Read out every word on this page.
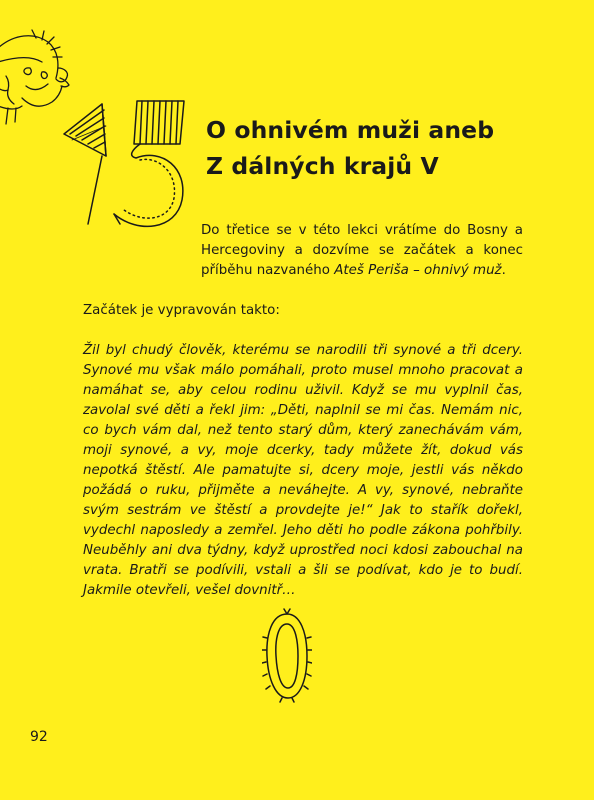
O ohnivém muži aneb
Z dálných krajů V
Do třetice se v této lekci vrátíme do Bosny a Hercegoviny a dozvíme se začátek a konec příběhu nazvaného Ateš Periša – ohnivý muž.
Začátek je vypravován takto:
Žil byl chudý člověk, kterému se narodili tři synové a tři dcery. Synové mu však málo pomáhali, proto musel mnoho pracovat a namáhat se, aby celou rodinu uživil. Když se mu vyplnil čas, zavolal své děti a řekl jim: „Děti, naplnil se mi čas. Nemám nic, co bych vám dal, než tento starý dům, který zanechávám vám, moji synové, a vy, moje dcerky, tady můžete žít, dokud vás nepotká štěstí. Ale pamatujte si, dcery moje, jestli vás někdo požádá o ruku, přijměte a neváhejte. A vy, synové, nebraňte svým sestrám ve štěstí a provdejte je!“ Jak to stařík dořekl, vydechl naposledy a zemřel. Jeho děti ho podle zákona pohřbily. Neuběhly ani dva týdny, když uprostřed noci kdosi zabouchal na vrata. Bratři se podívili, vstali a šli se podívat, kdo je to budí. Jakmile otevřeli, vešel dovnitř…
92
